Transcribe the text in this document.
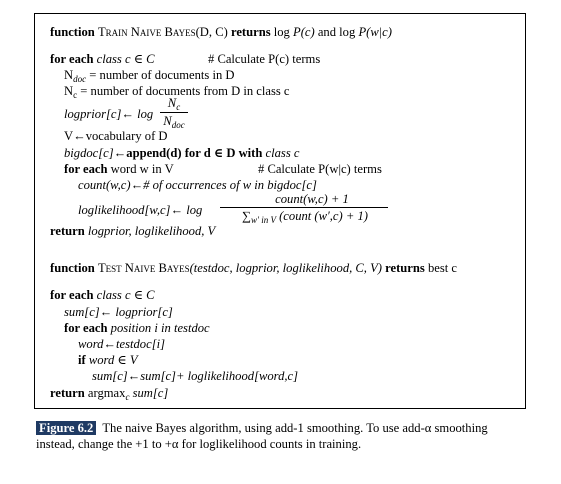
function Train Naive Bayes(D, C) returns log P(c) and log P(w|c)
for each class c ∈ C	# Calculate P(c) terms
$N_{doc}$ = number of documents in D
$N_c$ = number of documents from D in class c
logprior[c]← log
$N_c$
$N_{doc}$
V←vocabulary of D
bigdoc[c]←append(d) for d ∈ D with class c
for each word w in V	# Calculate P(w|c) terms
count(w,c)←# of occurrences of w in bigdoc[c]
loglikelihood[w,c]← log
count(w,c) + 1
$\sum_{w' in V}$ (count (w′,c) + 1)
return logprior, loglikelihood, V
function Test Naive Bayes(testdoc, logprior, loglikelihood, C, V) returns best c
for each class c ∈ C
sum[c]← logprior[c]
for each position i in testdoc
word←testdoc[i]
if word ∈ V
sum[c]←sum[c]+ loglikelihood[word,c]
return argmax$_c$ sum[c]
Figure 6.2 The naive Bayes algorithm, using add-1 smoothing. To use add-α smoothing instead, change the +1 to +α for loglikelihood counts in training.
